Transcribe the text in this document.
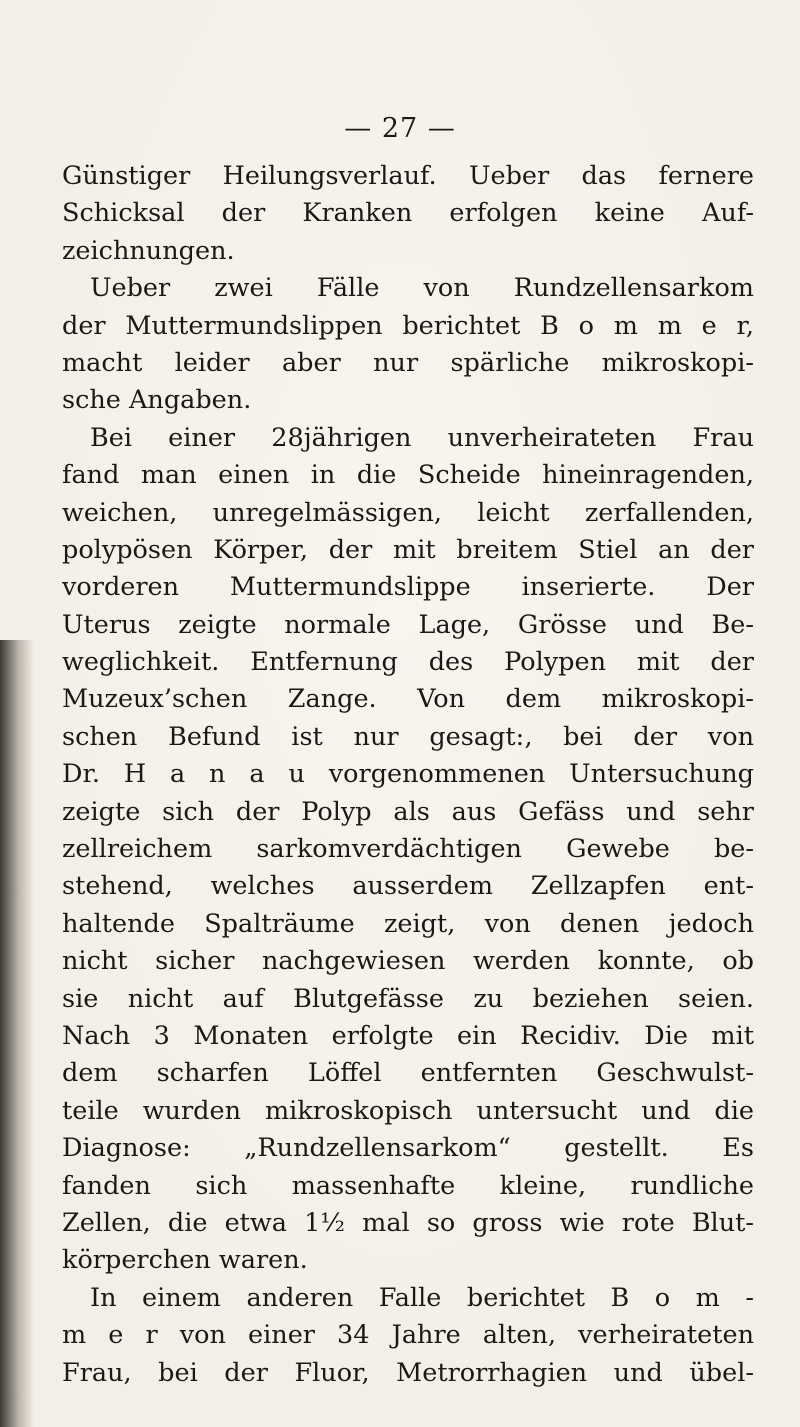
— 27 —
Günstiger Heilungsverlauf. Ueber das fernere
Schicksal der Kranken erfolgen keine Auf-
zeichnungen.
Ueber zwei Fälle von Rundzellensarkom
der Muttermundslippen berichtet B o m m e r,
macht leider aber nur spärliche mikroskopi-
sche Angaben.
Bei einer 28jährigen unverheirateten Frau
fand man einen in die Scheide hineinragenden,
weichen, unregelmässigen, leicht zerfallenden,
polypösen Körper, der mit breitem Stiel an der
vorderen Muttermundslippe inserierte. Der
Uterus zeigte normale Lage, Grösse und Be-
weglichkeit. Entfernung des Polypen mit der
Muzeux’schen Zange. Von dem mikroskopi-
schen Befund ist nur gesagt:‚ bei der von
Dr. H a n a u vorgenommenen Untersuchung
zeigte sich der Polyp als aus Gefäss und sehr
zellreichem sarkomverdächtigen Gewebe be-
stehend, welches ausserdem Zellzapfen ent-
haltende Spalträume zeigt, von denen jedoch
nicht sicher nachgewiesen werden konnte, ob
sie nicht auf Blutgefässe zu beziehen seien.
Nach 3 Monaten erfolgte ein Recidiv. Die mit
dem scharfen Löffel entfernten Geschwulst-
teile wurden mikroskopisch untersucht und die
Diagnose: „Rundzellensarkom“ gestellt. Es
fanden sich massenhafte kleine, rundliche
Zellen, die etwa 1½ mal so gross wie rote Blut-
körperchen waren.
In einem anderen Falle berichtet B o m -
m e r von einer 34 Jahre alten, verheirateten
Frau, bei der Fluor, Metrorrhagien und übel-
